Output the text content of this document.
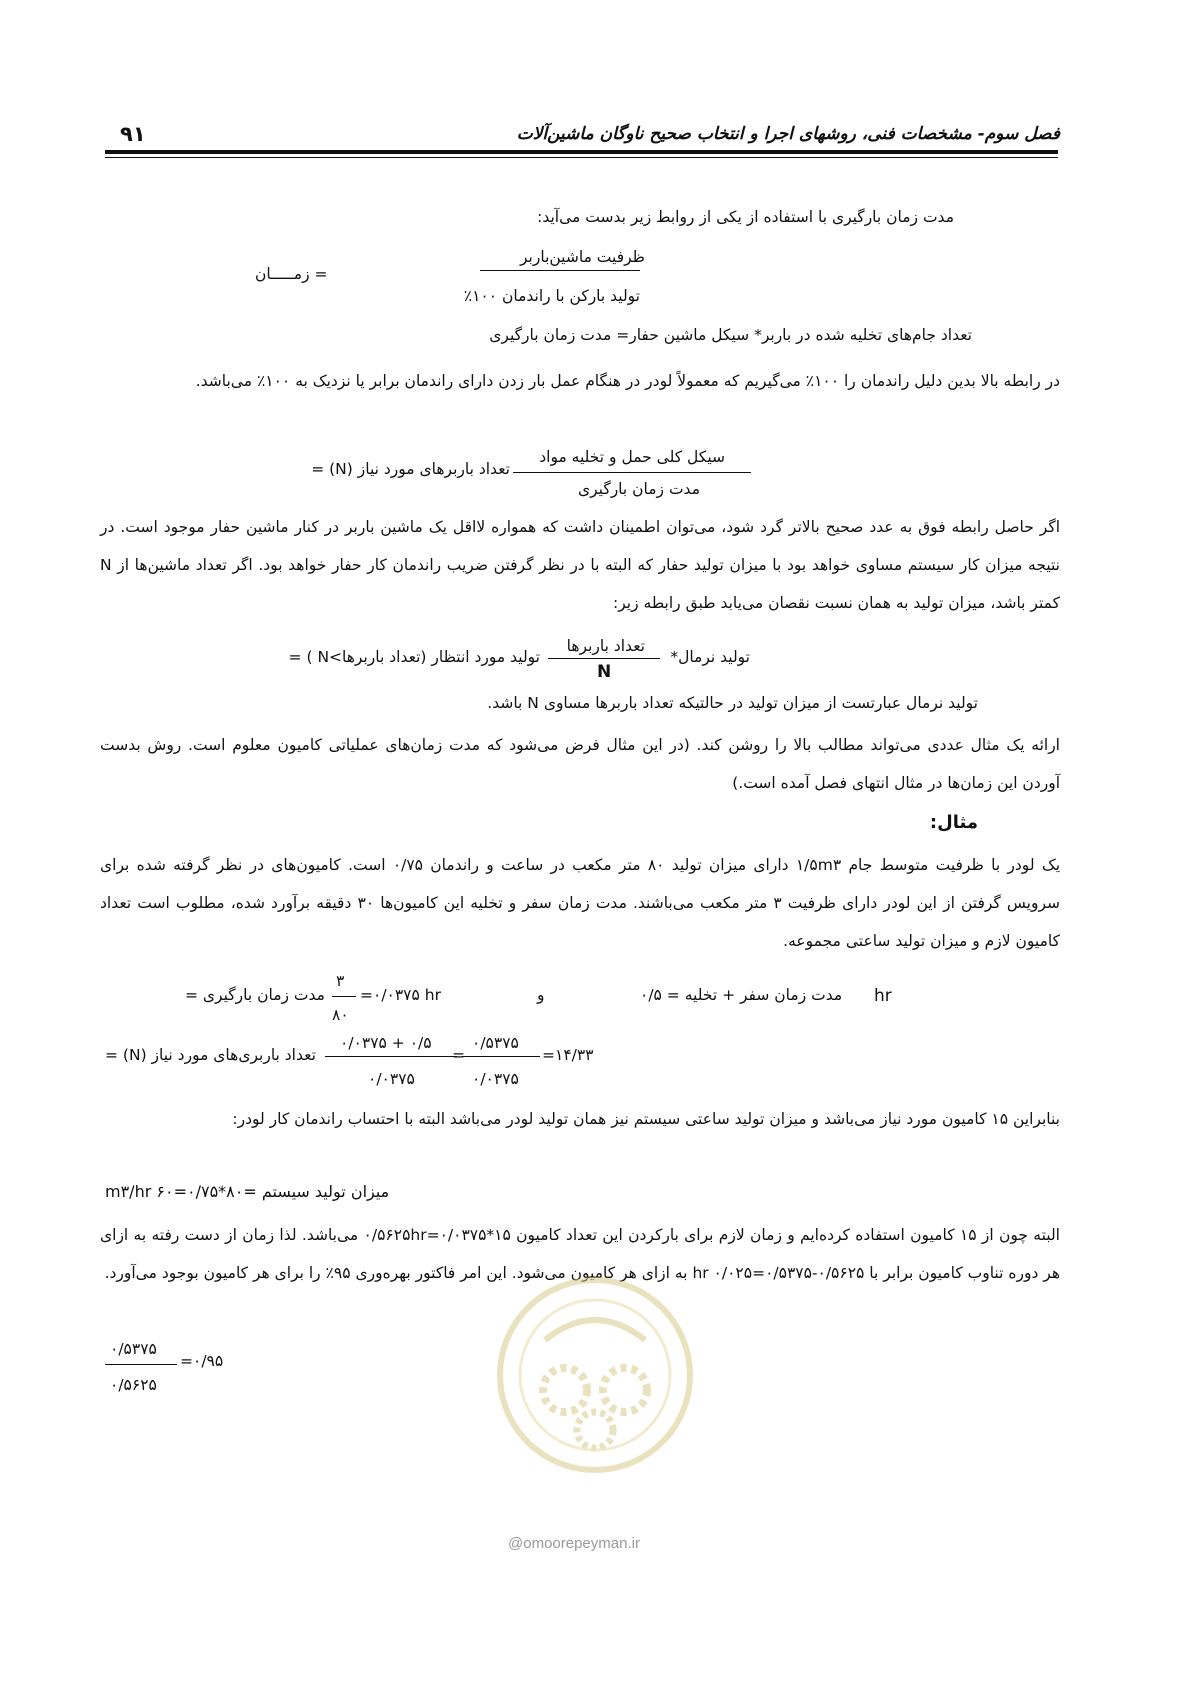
فصل سوم- مشخصات فنی، روشهای اجرا و انتخاب صحیح ناوگان ماشین‌آلات
۹۱
مدت زمان بارگیری با استفاده از یکی از روابط زیر بدست می‌آید:
ظرفیت ماشین‌باربر
تولید بارکن با راندمان ۱۰۰٪
= زمـــــان
تعداد جام‌های تخلیه شده در باربر* سیکل ماشین حفار= مدت زمان بارگیری
در رابطه بالا بدین دلیل راندمان را ۱۰۰٪ می‌گیریم که معمولاً لودر در هنگام عمل بار زدن دارای راندمان برابر یا نزدیک به ۱۰۰٪ می‌باشد.
سیکل کلی حمل و تخلیه مواد
مدت زمان بارگیری
تعداد باربرهای مورد نیاز (N) =
اگر حاصل رابطه فوق به عدد صحیح بالاتر گرد شود، می‌توان اطمینان داشت که همواره لااقل یک ماشین باربر در کنار ماشین حفار موجود است. در نتیجه میزان کار سیستم مساوی خواهد بود با میزان تولید حفار که البته با در نظر گرفتن ضریب راندمان کار حفار خواهد بود. اگر تعداد ماشین‌ها از N کمتر باشد، میزان تولید به همان نسبت نقصان می‌یابد طبق رابطه زیر:
تعداد باربرها
N
تولید نرمال*
تولید مورد انتظار (تعداد باربرها>N ) =
تولید نرمال عبارتست از میزان تولید در حالتیکه تعداد باربرها مساوی N باشد.
ارائه یک مثال عددی می‌تواند مطالب بالا را روشن کند. (در این مثال فرض می‌شود که مدت زمان‌های عملیاتی کامیون معلوم است. روش بدست آوردن این زمان‌ها در مثال انتهای فصل آمده است.)
مثال:
یک لودر با ظرفیت متوسط جام ۱/۵m۳ دارای میزان تولید ۸۰ متر مکعب در ساعت و راندمان ۰/۷۵ است. کامیون‌های در نظر گرفته شده برای سرویس گرفتن از این لودر دارای ظرفیت ۳ متر مکعب می‌باشند. مدت زمان سفر و تخلیه این کامیون‌ها ۳۰ دقیقه برآورد شده، مطلوب است تعداد کامیون لازم و میزان تولید ساعتی مجموعه.
۳
۸۰
مدت زمان بارگیری = =۰/۰۳۷۵ hr	و	مدت زمان سفر + تخلیه = ۰/۵ hr
۰/۰۳۷۵ + ۰/۵
۰/۰۳۷۵
۰/۵۳۷۵
۰/۰۳۷۵
=	=۱۴/۳۳
تعداد باربری‌های مورد نیاز (N) =
بنابراین ۱۵ کامیون مورد نیاز می‌باشد و میزان تولید ساعتی سیستم نیز همان تولید لودر می‌باشد البته با احتساب راندمان کار لودر:
میزان تولید سیستم =۸۰*۰/۷۵=۶۰ m۳/hr
البته چون از ۱۵ کامیون استفاده کرده‌ایم و زمان لازم برای بارکردن این تعداد کامیون ۰/۵۶۲۵hr=۰/۰۳۷۵*۱۵ می‌باشد. لذا زمان از دست رفته به ازای هر دوره تناوب کامیون برابر با hr ۰/۰۲۵=۰/۵۳۷۵-۰/۵۶۲۵ به ازای هر کامیون می‌شود. این امر فاکتور بهره‌وری ۹۵٪ را برای هر کامیون بوجود می‌آورد.
۰/۵۳۷۵
۰/۵۶۲۵
=۰/۹۵
@omoorepeyman.ir
